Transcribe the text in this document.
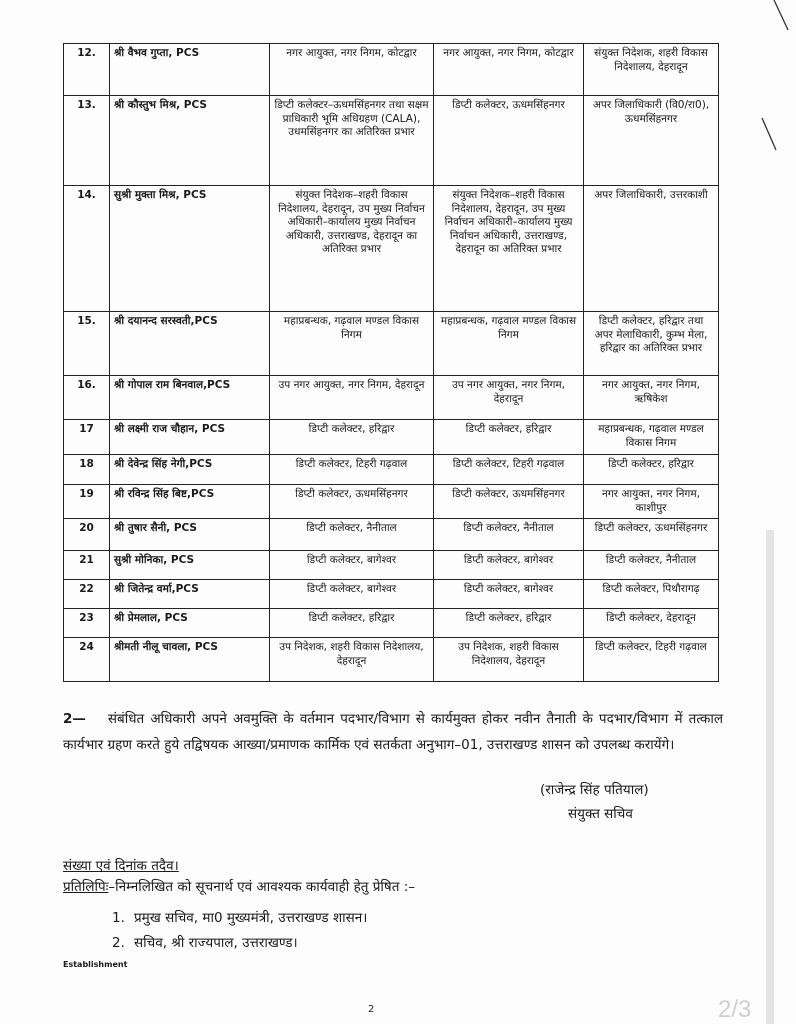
12.	श्री वैभव गुप्ता, PCS	नगर आयुक्त, नगर निगम, कोटद्वार	नगर आयुक्त, नगर निगम, कोटद्वार	संयुक्त निदेशक, शहरी विकास निदेशालय, देहरादून
13.	श्री कौस्तुभ मिश्र, PCS	डिप्टी कलेक्टर–ऊधमसिंहनगर तथा सक्षम प्राधिकारी भूमि अधिग्रहण (CALA), उधमसिंहनगर का अतिरिक्त प्रभार	डिप्टी कलेक्टर, ऊधमसिंहनगर	अपर जिलाधिकारी (वि0/रा0), ऊधमसिंहनगर
14.	सुश्री मुक्ता मिश्र, PCS	संयुक्त निदेशक–शहरी विकास निदेशालय, देहरादून, उप मुख्य निर्वाचन अधिकारी–कार्यालय मुख्य निर्वाचन अधिकारी, उत्तराखण्ड, देहरादून का अतिरिक्त प्रभार	संयुक्त निदेशक–शहरी विकास निदेशालय, देहरादून, उप मुख्य निर्वाचन अधिकारी–कार्यालय मुख्य निर्वाचन अधिकारी, उत्तराखण्ड, देहरादून का अतिरिक्त प्रभार	अपर जिलाधिकारी, उत्तरकाशी
15.	श्री दयानन्द सरस्वती,PCS	महाप्रबन्धक, गढ़वाल मण्डल विकास निगम	महाप्रबन्धक, गढ़वाल मण्डल विकास निगम	डिप्टी कलेक्टर, हरिद्वार तथा अपर मेलाधिकारी, कुम्भ मेला, हरिद्वार का अतिरिक्त प्रभार
16.	श्री गोपाल राम बिनवाल,PCS	उप नगर आयुक्त, नगर निगम, देहरादून	उप नगर आयुक्त, नगर निगम, देहरादून	नगर आयुक्त, नगर निगम, ऋषिकेश
17	श्री लक्ष्मी राज चौहान, PCS	डिप्टी कलेक्टर, हरिद्वार	डिप्टी कलेक्टर, हरिद्वार	महाप्रबन्धक, गढ़वाल मण्डल विकास निगम
18	श्री देवेन्द्र सिंह नेगी,PCS	डिप्टी कलेक्टर, टिहरी गढ़वाल	डिप्टी कलेक्टर, टिहरी गढ़वाल	डिप्टी कलेक्टर, हरिद्वार
19	श्री रविन्द्र सिंह बिष्ट,PCS	डिप्टी कलेक्टर, ऊधमसिंहनगर	डिप्टी कलेक्टर, ऊधमसिंहनगर	नगर आयुक्त, नगर निगम, काशीपुर
20	श्री तुषार सैनी, PCS	डिप्टी कलेक्टर, नैनीताल	डिप्टी कलेक्टर, नैनीताल	डिप्टी कलेक्टर, ऊधमसिंहनगर
21	सुश्री मोनिका, PCS	डिप्टी कलेक्टर, बागेश्वर	डिप्टी कलेक्टर, बागेश्वर	डिप्टी कलेक्टर, नैनीताल
22	श्री जितेन्द्र वर्मा,PCS	डिप्टी कलेक्टर, बागेश्वर	डिप्टी कलेक्टर, बागेश्वर	डिप्टी कलेक्टर, पिथौरागढ़
23	श्री प्रेमलाल, PCS	डिप्टी कलेक्टर, हरिद्वार	डिप्टी कलेक्टर, हरिद्वार	डिप्टी कलेक्टर, देहरादून
24	श्रीमती नीलू चावला, PCS	उप निदेशक, शहरी विकास निदेशालय, देहरादून	उप निदेशक, शहरी विकास निदेशालय, देहरादून	डिप्टी कलेक्टर, टिहरी गढ़वाल
2— संबंधित अधिकारी अपने अवमुक्ति के वर्तमान पदभार/विभाग से कार्यमुक्त होकर नवीन तैनाती के पदभार/विभाग में तत्काल कार्यभार ग्रहण करते हुये तद्विषयक आख्या/प्रमाणक कार्मिक एवं सतर्कता अनुभाग–01, उत्तराखण्ड शासन को उपलब्ध करायेंगे।
(राजेन्द्र सिंह पतियाल)
संयुक्त सचिव
संख्या एवं दिनांक तदैव।
प्रतिलिपिः–निम्नलिखित को सूचनार्थ एवं आवश्यक कार्यवाही हेतु प्रेषित :–
1. प्रमुख सचिव, मा0 मुख्यमंत्री, उत्तराखण्ड शासन।
2. सचिव, श्री राज्यपाल, उत्तराखण्ड।
Establishment
2	2/3
